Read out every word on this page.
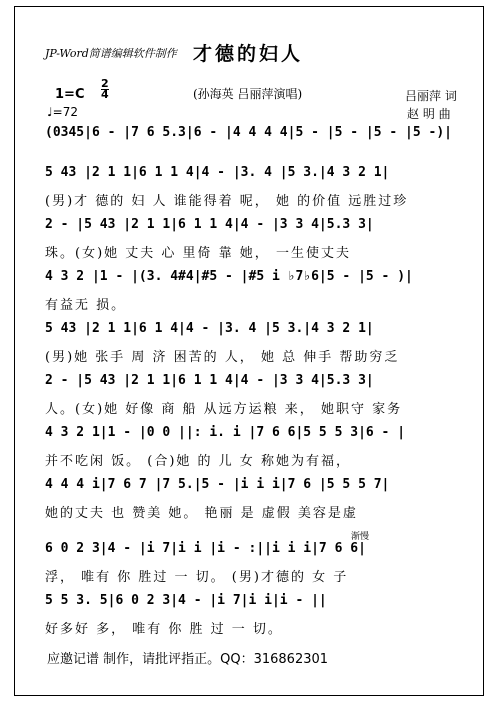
JP-Word简谱编辑软件制作 才德的妇人
(孙海英 吕丽萍演唱)
1=C
2
4
♩=72
吕丽萍 词
赵 明 曲
(0345|6 - |7 6 5.3|6 - |4 4 4 4|5 - |5 - |5 - |5 -)|
5 43 |2 1 1|6 1 1 4|4 - |3. 4 |5 3.|4 3 2 1|
(男)才 德的 妇 人 谁能得着 呢， 她 的价值 远胜过珍
2 - |5 43 |2 1 1|6 1 1 4|4 - |3 3 4|5.3 3|
珠。(女)她 丈夫 心 里倚 靠 她， 一生使丈夫
4 3 2 |1 - |(3. 4#4|#5 - |#5 i ♭7♭6|5 - |5 - )|
有益无 损。
5 43 |2 1 1|6 1 4|4 - |3. 4 |5 3.|4 3 2 1|
(男)她 张手 周 济 困苦的 人， 她 总 伸手 帮助穷乏
2 - |5 43 |2 1 1|6 1 1 4|4 - |3 3 4|5.3 3|
人。(女)她 好像 商 船 从远方运粮 来， 她职守 家务
4 3 2 1|1 - |0 0 ||: i. i |7 6 6|5 5 5 3|6 - |
并不吃闲 饭。 (合)她 的 儿 女 称她为有福，
4 4 4 i|7 6 7 |7 5.|5 - |i i i|7 6 |5 5 5 7|
她的丈夫 也 赞美 她。 艳丽 是 虚假 美容是虚
渐慢
6 0 2 3|4 - |i 7|i i |i - :||i i i|7 6 6|
浮， 唯有 你 胜过 一 切。 (男)才德的 女 子
5 5 3. 5|6 0 2 3|4 - |i 7|i i|i - ||
好多好 多， 唯有 你 胜 过 一 切。
应邀记谱 制作，请批评指正。QQ：316862301
